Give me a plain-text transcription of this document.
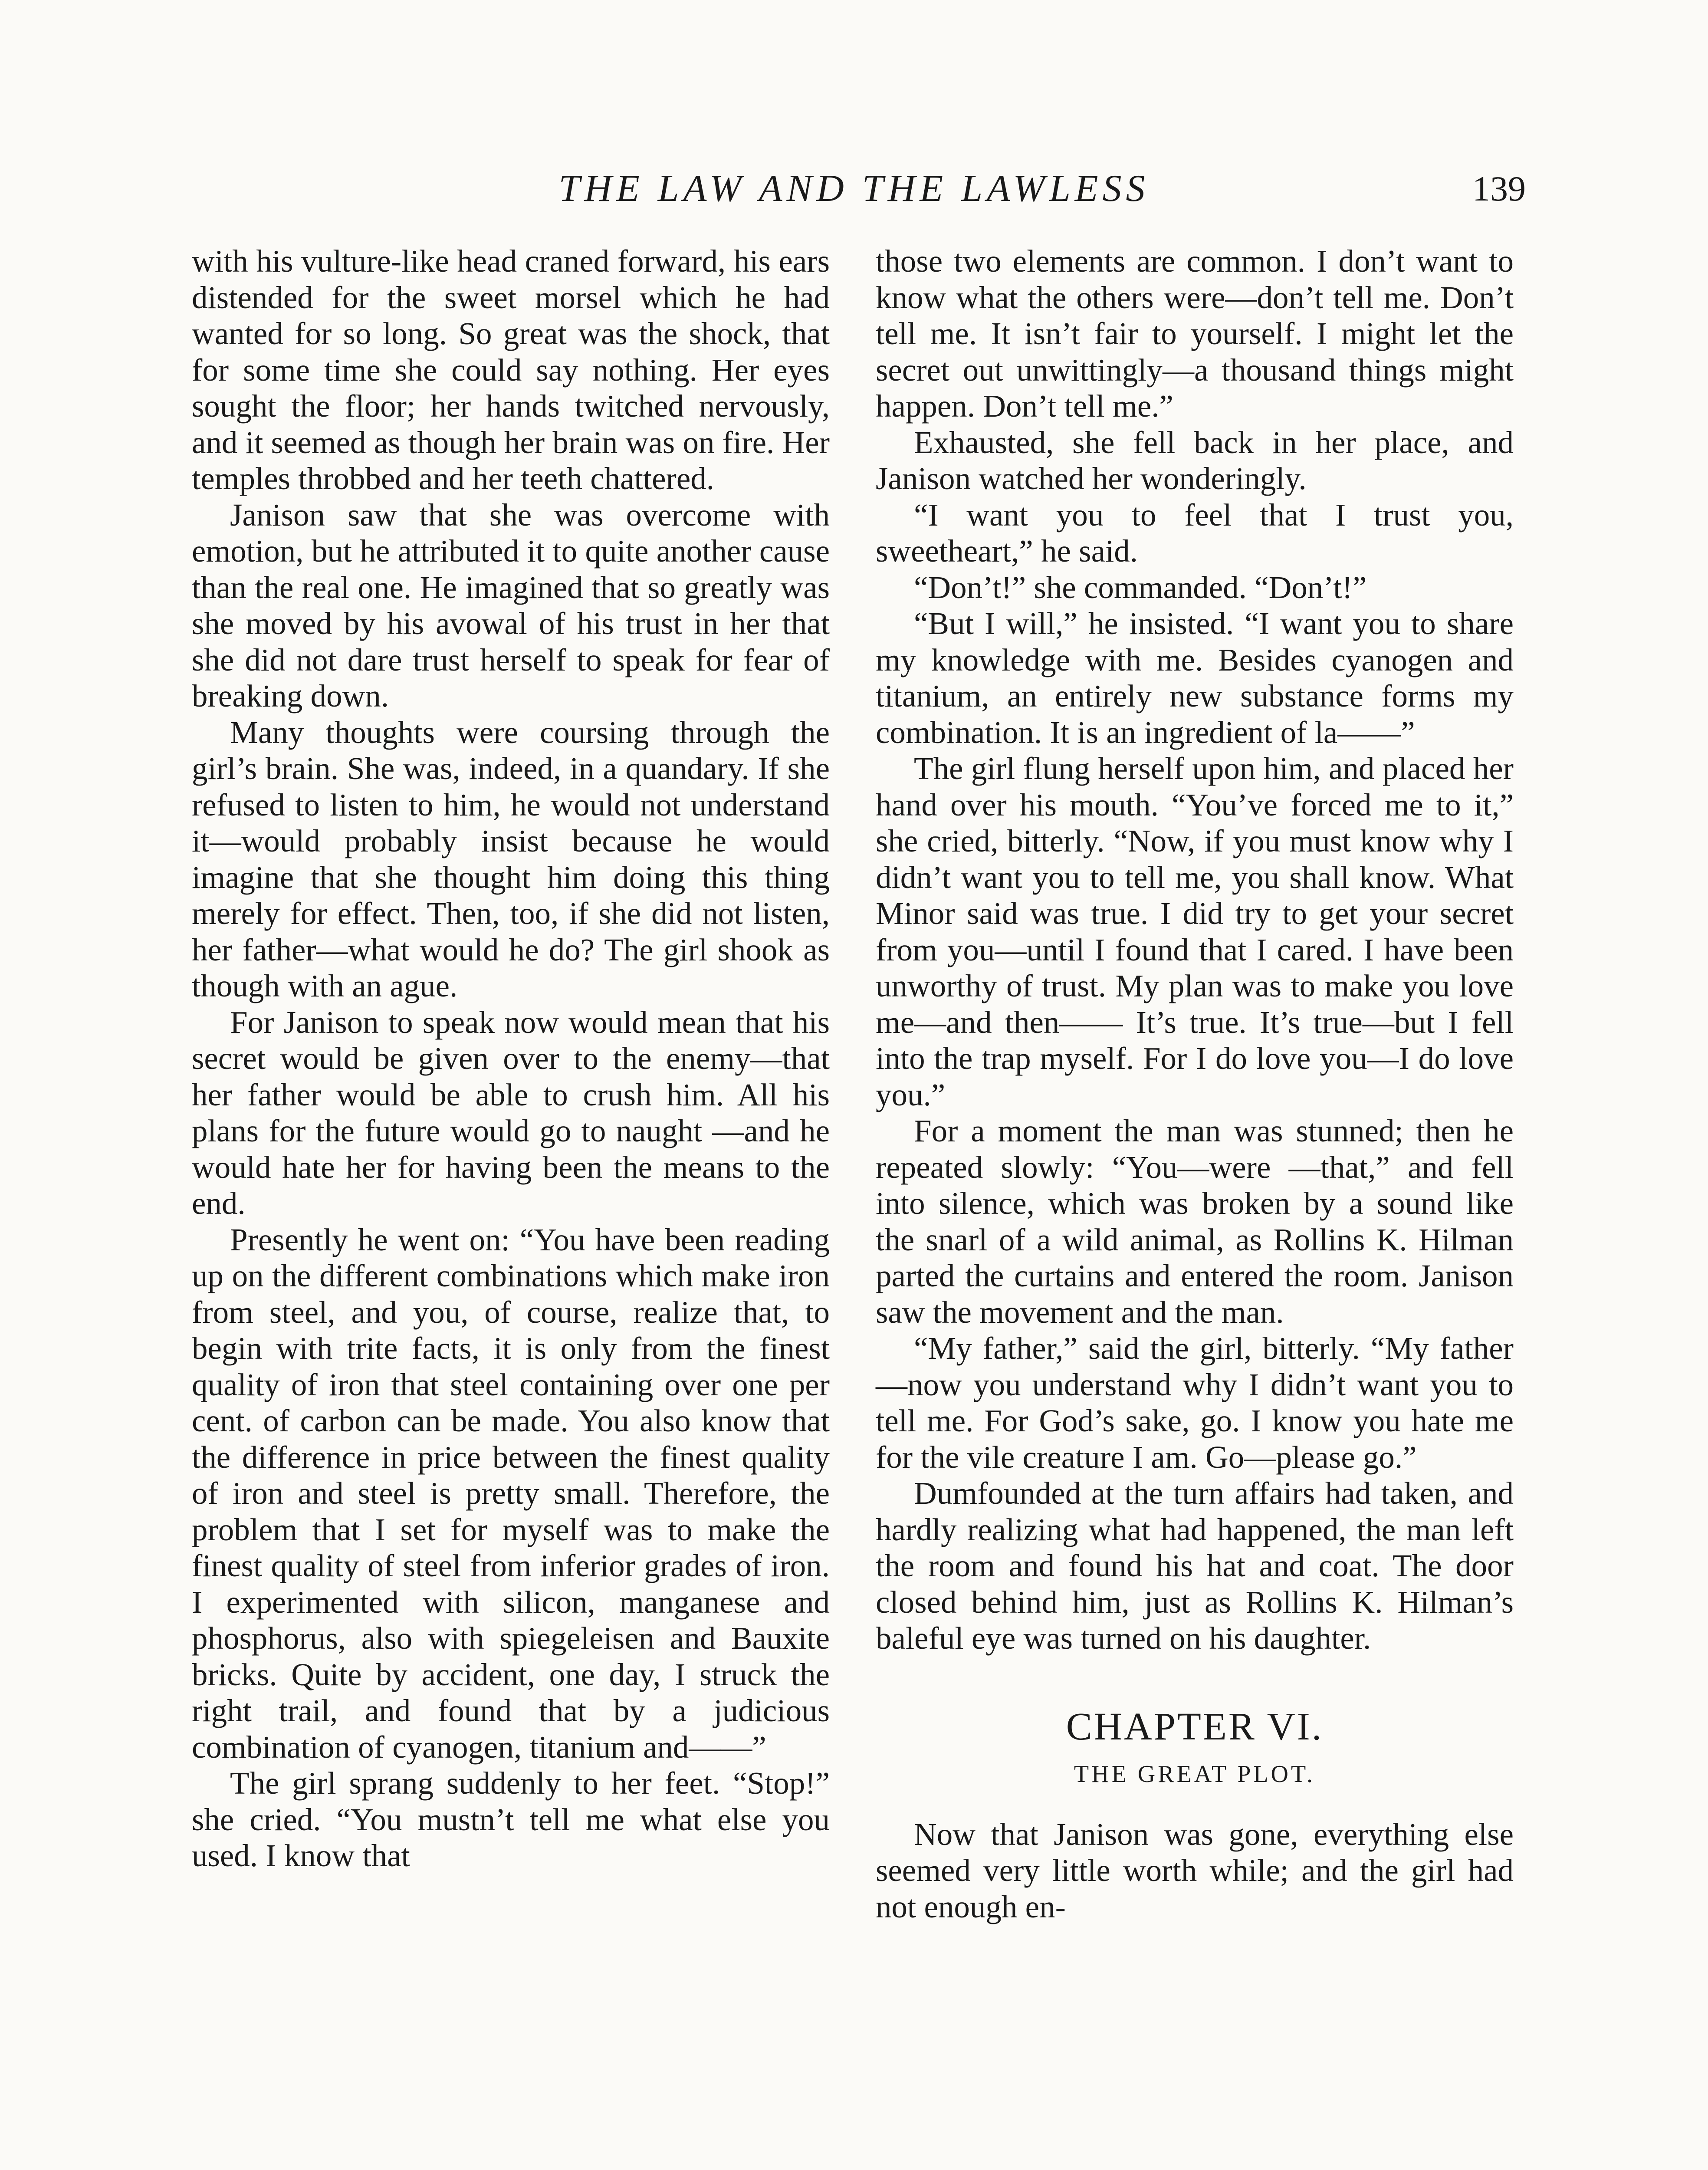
THE LAW AND THE LAWLESS	139

with his vulture-like head craned forward, his ears distended for the sweet morsel which he had wanted for so long. So great was the shock, that for some time she could say nothing. Her eyes sought the floor; her hands twitched nervously, and it seemed as though her brain was on fire. Her temples throbbed and her teeth chattered.

Janison saw that she was overcome with emotion, but he attributed it to quite another cause than the real one. He imagined that so greatly was she moved by his avowal of his trust in her that she did not dare trust herself to speak for fear of breaking down.

Many thoughts were coursing through the girl’s brain. She was, indeed, in a quandary. If she refused to listen to him, he would not understand it—would probably insist because he would imagine that she thought him doing this thing merely for effect. Then, too, if she did not listen, her father—what would he do? The girl shook as though with an ague.

For Janison to speak now would mean that his secret would be given over to the enemy—that her father would be able to crush him. All his plans for the future would go to naught —and he would hate her for having been the means to the end.

Presently he went on: “You have been reading up on the different combinations which make iron from steel, and you, of course, realize that, to begin with trite facts, it is only from the finest quality of iron that steel containing over one per cent. of carbon can be made. You also know that the difference in price between the finest quality of iron and steel is pretty small. Therefore, the problem that I set for myself was to make the finest quality of steel from inferior grades of iron. I experimented with silicon, manganese and phosphorus, also with spiegeleisen and Bauxite bricks. Quite by accident, one day, I struck the right trail, and found that by a judicious combination of cyanogen, titanium and——”

The girl sprang suddenly to her feet. “Stop!” she cried. “You mustn’t tell me what else you used. I know that

those two elements are common. I don’t want to know what the others were—don’t tell me. Don’t tell me. It isn’t fair to yourself. I might let the secret out unwittingly—a thousand things might happen. Don’t tell me.”

Exhausted, she fell back in her place, and Janison watched her wonderingly.

“I want you to feel that I trust you, sweetheart,” he said.

“Don’t!” she commanded. “Don’t!”

“But I will,” he insisted. “I want you to share my knowledge with me. Besides cyanogen and titanium, an entirely new substance forms my combination. It is an ingredient of la——”

The girl flung herself upon him, and placed her hand over his mouth. “You’ve forced me to it,” she cried, bitterly. “Now, if you must know why I didn’t want you to tell me, you shall know. What Minor said was true. I did try to get your secret from you—until I found that I cared. I have been unworthy of trust. My plan was to make you love me—and then—— It’s true. It’s true—but I fell into the trap myself. For I do love you—I do love you.”

For a moment the man was stunned; then he repeated slowly: “You—were —that,” and fell into silence, which was broken by a sound like the snarl of a wild animal, as Rollins K. Hilman parted the curtains and entered the room. Janison saw the movement and the man.

“My father,” said the girl, bitterly. “My father—now you understand why I didn’t want you to tell me. For God’s sake, go. I know you hate me for the vile creature I am. Go—please go.”

Dumfounded at the turn affairs had taken, and hardly realizing what had happened, the man left the room and found his hat and coat. The door closed behind him, just as Rollins K. Hilman’s baleful eye was turned on his daughter.

CHAPTER VI.
THE GREAT PLOT.

Now that Janison was gone, everything else seemed very little worth while; and the girl had not enough en-
